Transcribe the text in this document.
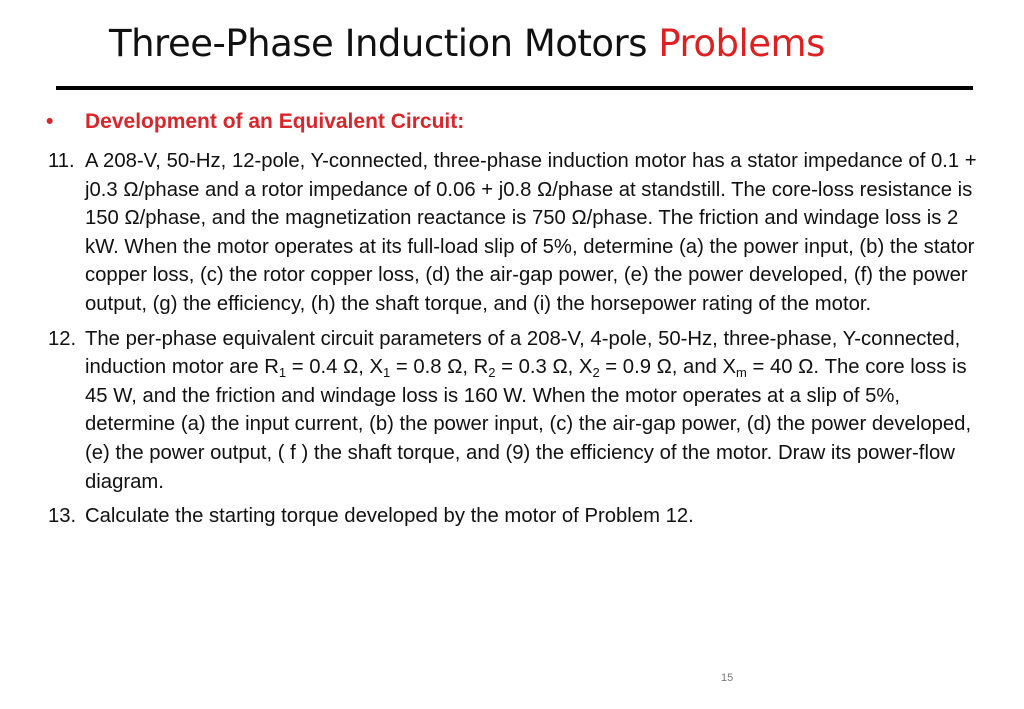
Three-Phase Induction Motors Problems
•	Development of an Equivalent Circuit:
11. A 208-V, 50-Hz, 12-pole, Y-connected, three-phase induction motor has a stator impedance of 0.1 + j0.3 Ω/phase and a rotor impedance of 0.06 + j0.8 Ω/phase at standstill. The core-loss resistance is 150 Ω/phase, and the magnetization reactance is 750 Ω/phase. The friction and windage loss is 2 kW. When the motor operates at its full-load slip of 5%, determine (a) the power input, (b) the stator copper loss, (c) the rotor copper loss, (d) the air-gap power, (e) the power developed, (f) the power output, (g) the efficiency, (h) the shaft torque, and (i) the horsepower rating of the motor.
12. The per-phase equivalent circuit parameters of a 208-V, 4-pole, 50-Hz, three-phase, Y-connected, induction motor are $R_1 = 0.4$ Ω, $X_1 = 0.8$ Ω, $R_2 = 0.3$ Ω, $X_2 = 0.9$ Ω, and $X_m = 40$ Ω. The core loss is 45 W, and the friction and windage loss is 160 W. When the motor operates at a slip of 5%, determine (a) the input current, (b) the power input, (c) the air-gap power, (d) the power developed, (e) the power output, ( f ) the shaft torque, and (9) the efficiency of the motor. Draw its power-flow diagram.
13. Calculate the starting torque developed by the motor of Problem 12.
15
